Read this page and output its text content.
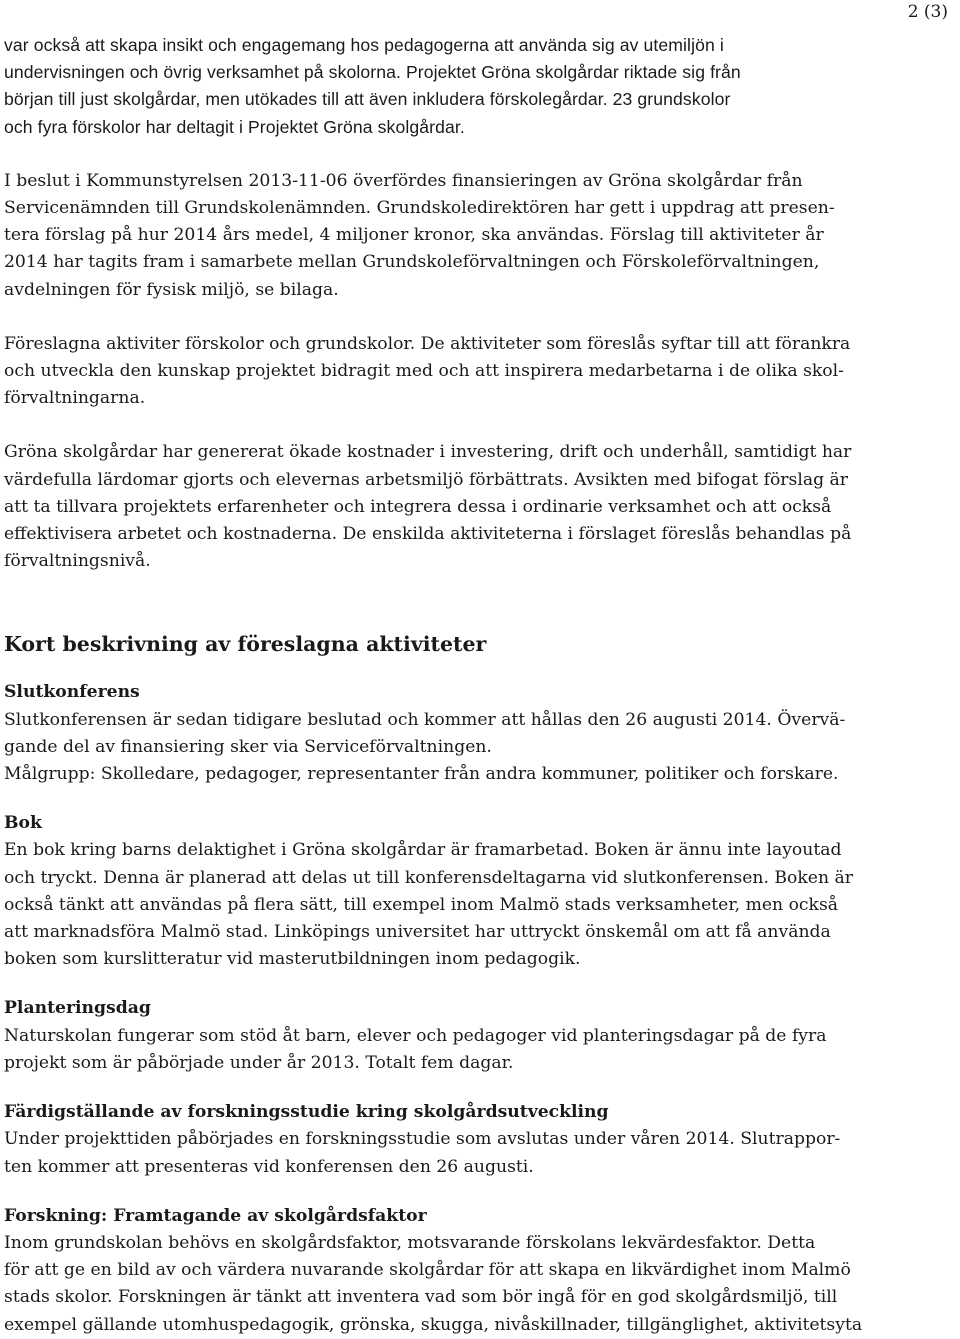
2 (3)

var också att skapa insikt och engagemang hos pedagogerna att använda sig av utemiljön i
undervisningen och övrig verksamhet på skolorna. Projektet Gröna skolgårdar riktade sig från
början till just skolgårdar, men utökades till att även inkludera förskolegårdar. 23 grundskolor
och fyra förskolor har deltagit i Projektet Gröna skolgårdar.

I beslut i Kommunstyrelsen 2013-11-06 överfördes finansieringen av Gröna skolgårdar från
Servicenämnden till Grundskolenämnden. Grundskoledirektören har gett i uppdrag att presen-
tera förslag på hur 2014 års medel, 4 miljoner kronor, ska användas. Förslag till aktiviteter år
2014 har tagits fram i samarbete mellan Grundskoleförvaltningen och Förskoleförvaltningen,
avdelningen för fysisk miljö, se bilaga.

Föreslagna aktiviter förskolor och grundskolor. De aktiviteter som föreslås syftar till att förankra
och utveckla den kunskap projektet bidragit med och att inspirera medarbetarna i de olika skol-
förvaltningarna.

Gröna skolgårdar har genererat ökade kostnader i investering, drift och underhåll, samtidigt har
värdefulla lärdomar gjorts och elevernas arbetsmiljö förbättrats. Avsikten med bifogat förslag är
att ta tillvara projektets erfarenheter och integrera dessa i ordinarie verksamhet och att också
effektivisera arbetet och kostnaderna. De enskilda aktiviteterna i förslaget föreslås behandlas på
förvaltningsnivå.

Kort beskrivning av föreslagna aktiviteter
Slutkonferens

Slutkonferensen är sedan tidigare beslutad och kommer att hållas den 26 augusti 2014. Övervä-
gande del av finansiering sker via Serviceförvaltningen.
Målgrupp: Skolledare, pedagoger, representanter från andra kommuner, politiker och forskare.

Bok

En bok kring barns delaktighet i Gröna skolgårdar är framarbetad. Boken är ännu inte layoutad
och tryckt. Denna är planerad att delas ut till konferensdeltagarna vid slutkonferensen. Boken är
också tänkt att användas på flera sätt, till exempel inom Malmö stads verksamheter, men också
att marknadsföra Malmö stad. Linköpings universitet har uttryckt önskemål om att få använda
boken som kurslitteratur vid masterutbildningen inom pedagogik.

Planteringsdag

Naturskolan fungerar som stöd åt barn, elever och pedagoger vid planteringsdagar på de fyra
projekt som är påbörjade under år 2013. Totalt fem dagar.

Färdigställande av forskningsstudie kring skolgårdsutveckling

Under projekttiden påbörjades en forskningsstudie som avslutas under våren 2014. Slutrappor-
ten kommer att presenteras vid konferensen den 26 augusti.

Forskning: Framtagande av skolgårdsfaktor

Inom grundskolan behövs en skolgårdsfaktor, motsvarande förskolans lekvärdesfaktor. Detta
för att ge en bild av och värdera nuvarande skolgårdar för att skapa en likvärdighet inom Malmö
stads skolor. Forskningen är tänkt att inventera vad som bör ingå för en god skolgårdsmiljö, till
exempel gällande utomhuspedagogik, grönska, skugga, nivåskillnader, tillgänglighet, aktivitetsyta
